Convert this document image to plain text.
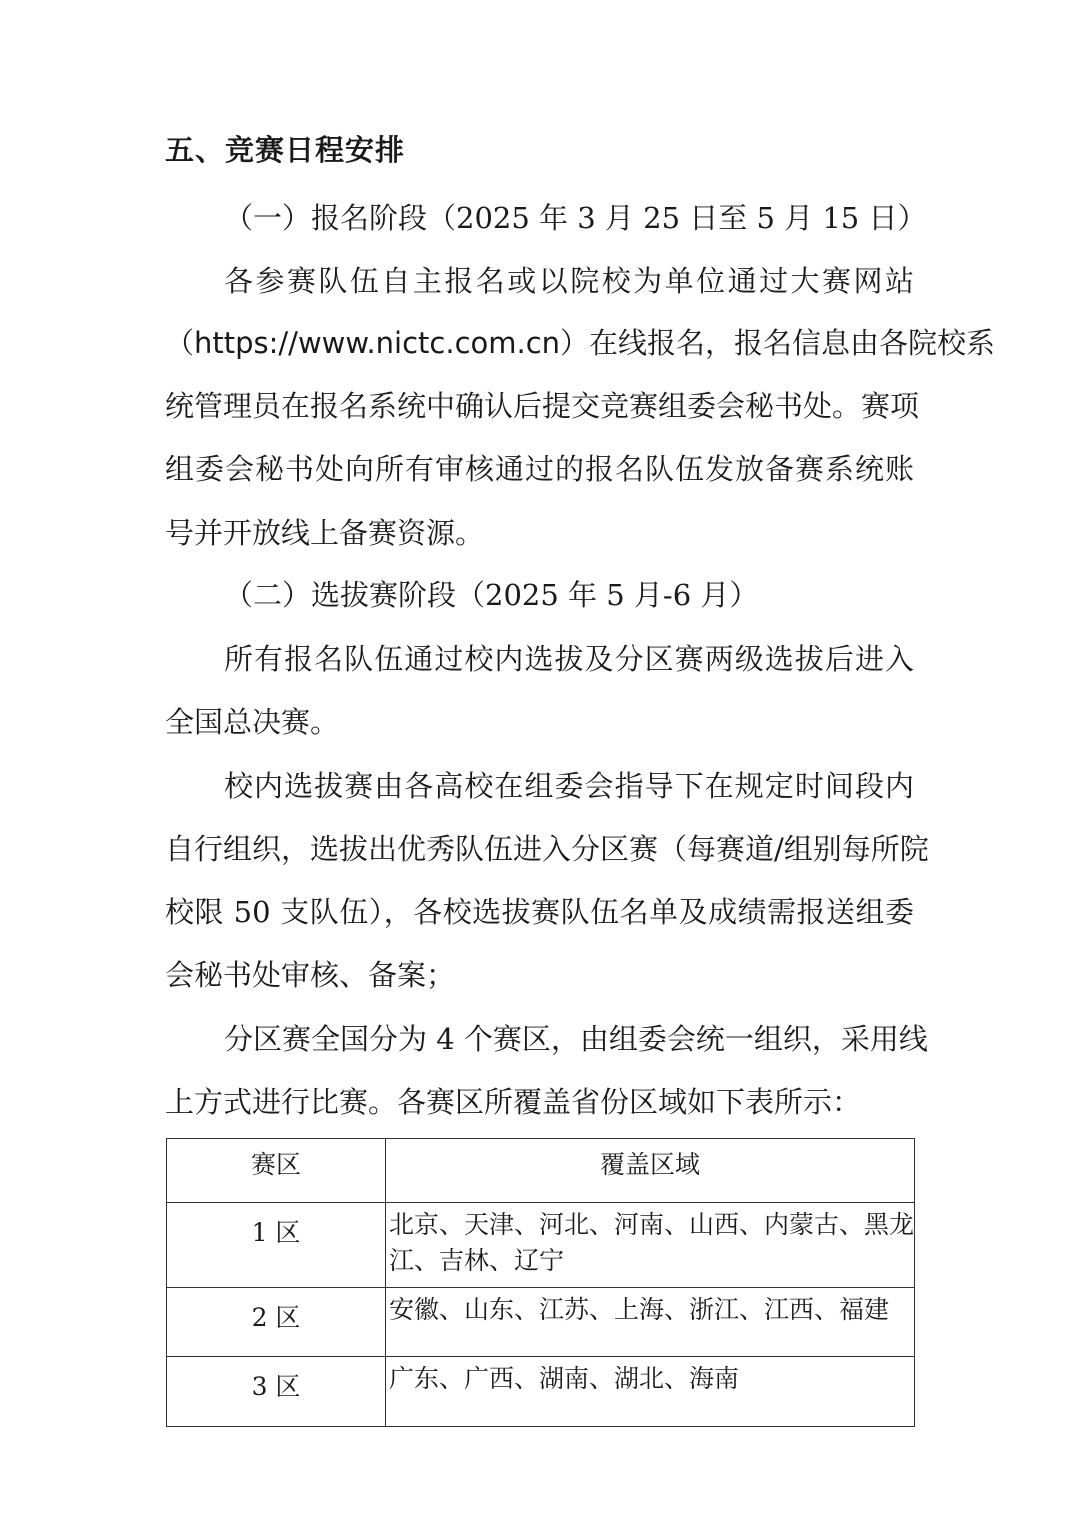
五、竞赛日程安排
（一）报名阶段（2025 年 3 月 25 日至 5 月 15 日）
各参赛队伍自主报名或以院校为单位通过大赛网站
（https://www.nictc.com.cn）在线报名，报名信息由各院校系
统管理员在报名系统中确认后提交竞赛组委会秘书处。赛项
组委会秘书处向所有审核通过的报名队伍发放备赛系统账
号并开放线上备赛资源。
（二）选拔赛阶段（2025 年 5 月-6 月）
所有报名队伍通过校内选拔及分区赛两级选拔后进入
全国总决赛。
校内选拔赛由各高校在组委会指导下在规定时间段内
自行组织，选拔出优秀队伍进入分区赛（每赛道/组别每所院
校限 50 支队伍），各校选拔赛队伍名单及成绩需报送组委
会秘书处审核、备案；
分区赛全国分为 4 个赛区，由组委会统一组织，采用线
上方式进行比赛。各赛区所覆盖省份区域如下表所示：
赛区	覆盖区域
1 区	北京、天津、河北、河南、山西、内蒙古、黑龙
江、吉林、辽宁

2 区	安徽、山东、江苏、上海、浙江、江西、福建

3 区	广东、广西、湖南、湖北、海南
